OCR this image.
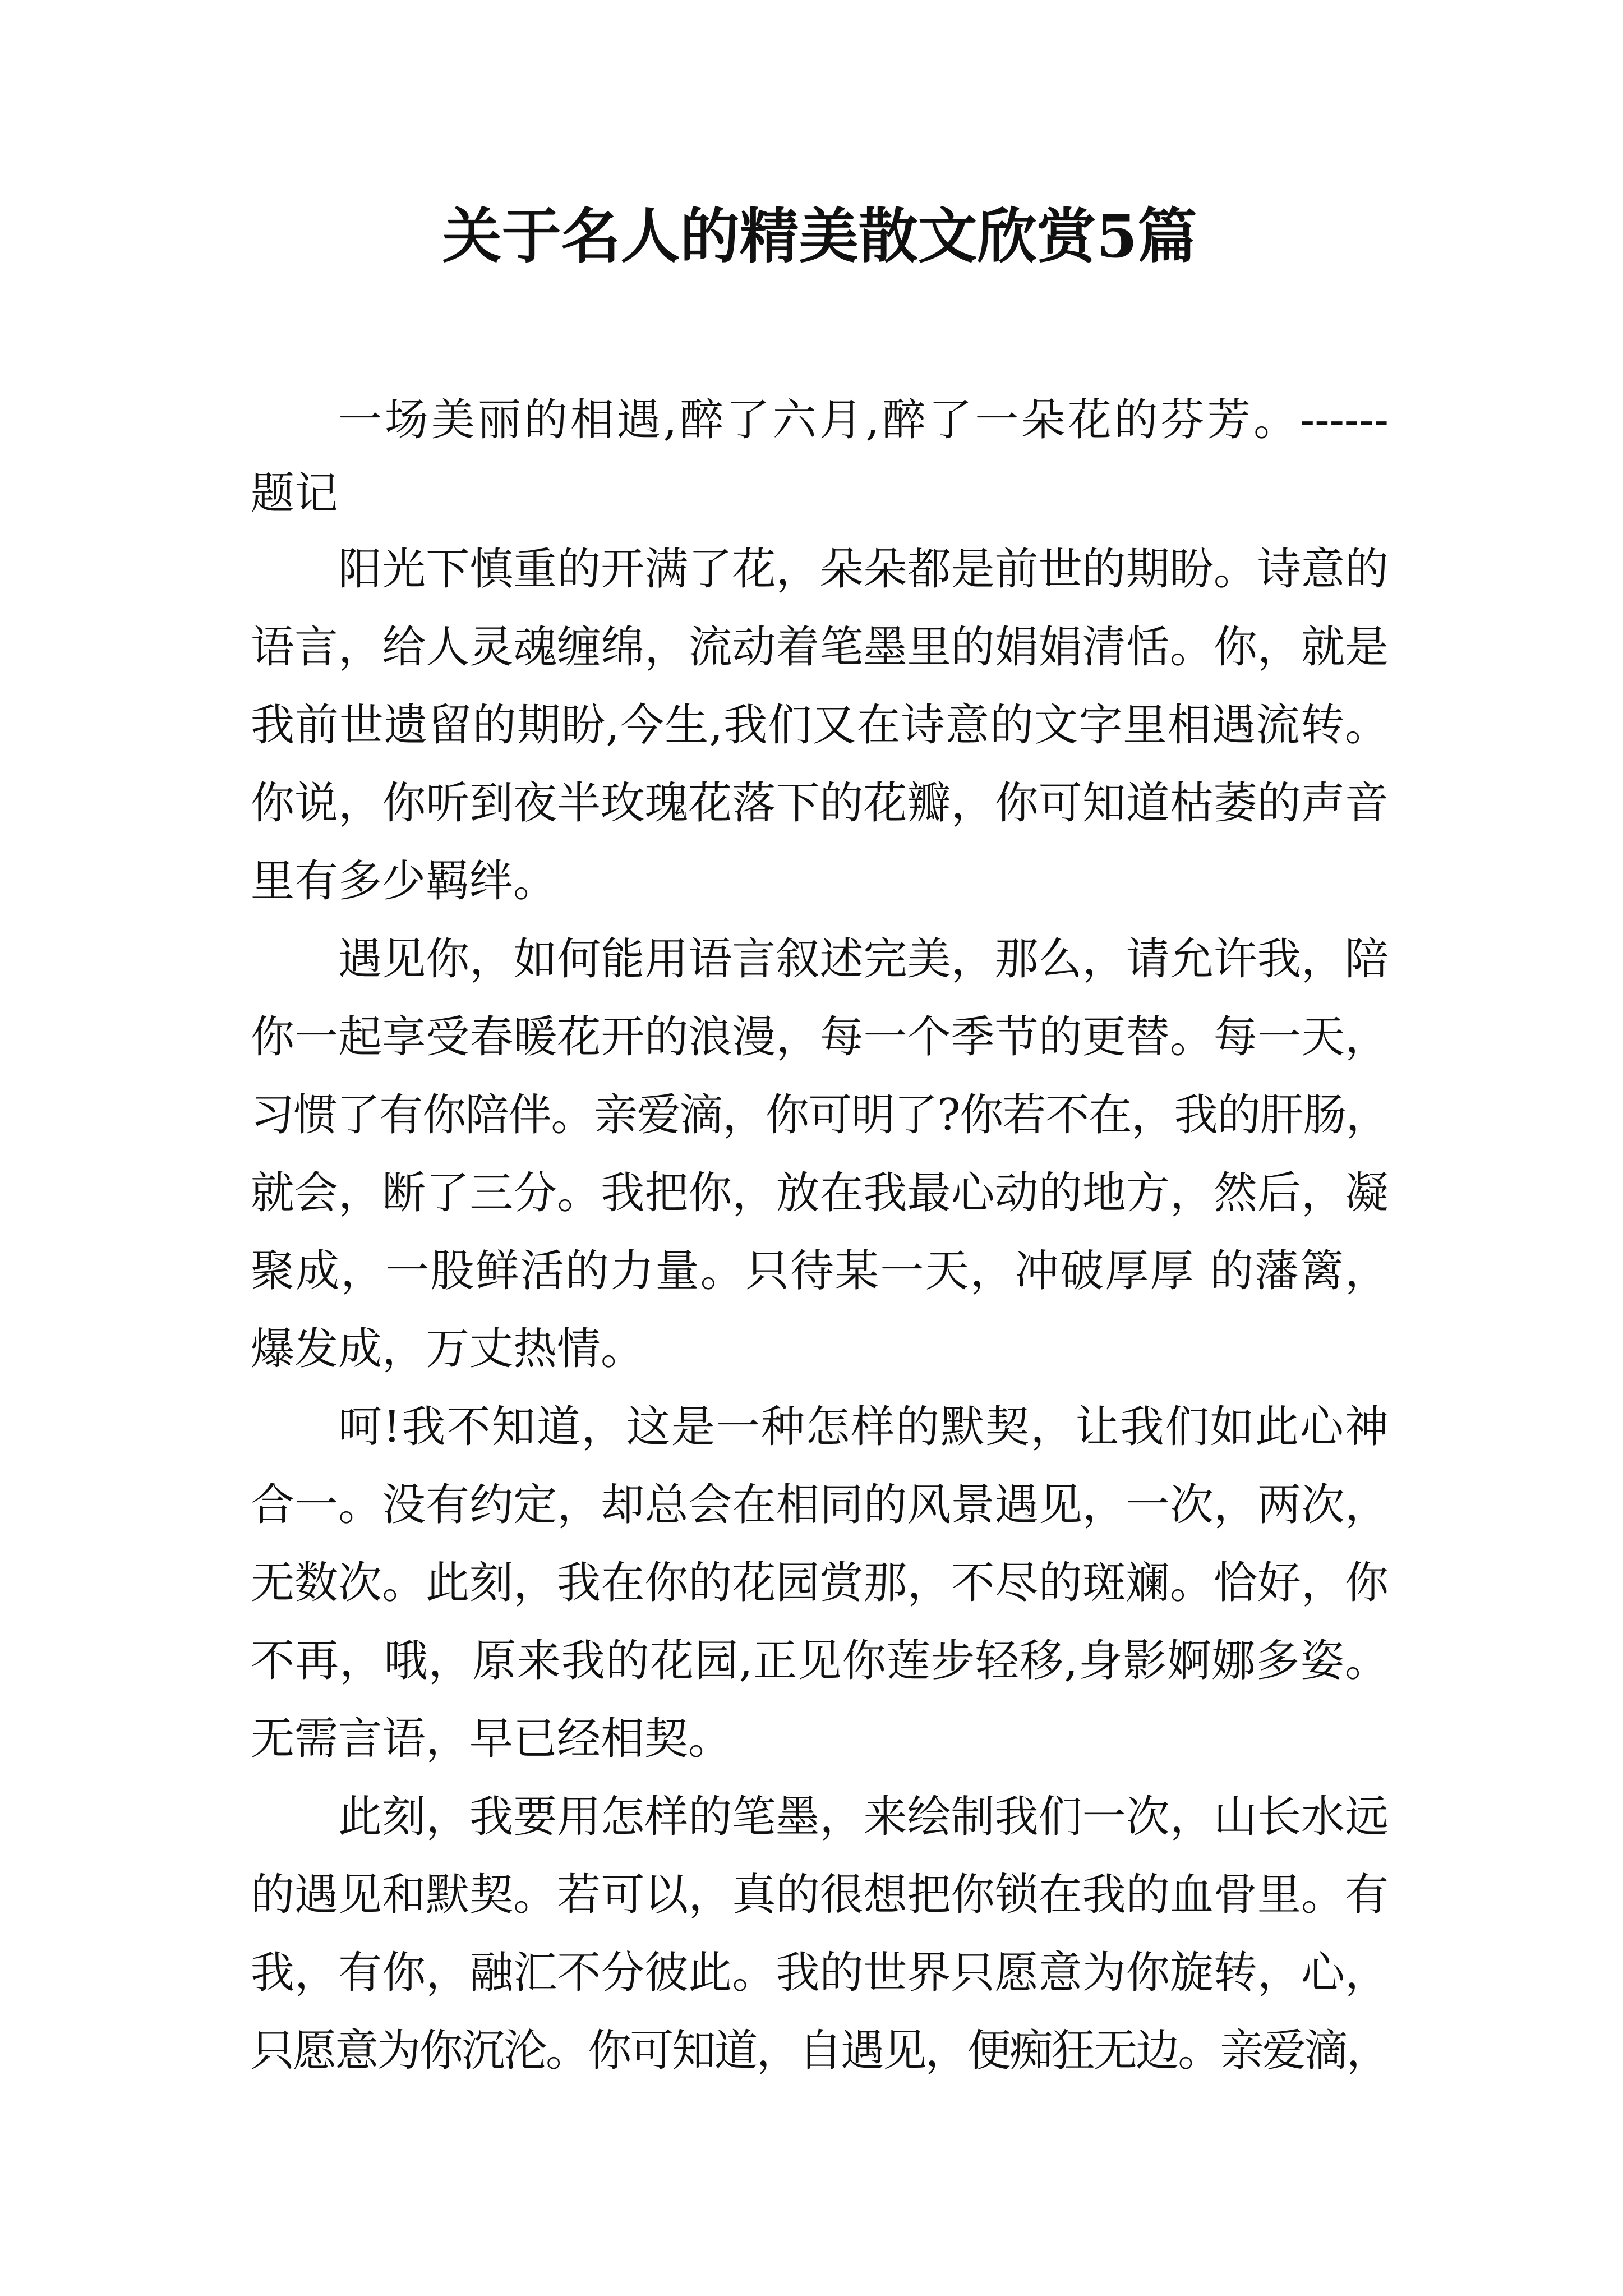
关于名人的精美散文欣赏5篇
一场美丽的相遇,醉了六月,醉了一朵花的芬芳。------
题记
阳光下慎重的开满了花，朵朵都是前世的期盼。诗意的
语言，给人灵魂缠绵，流动着笔墨里的娟娟清恬。你，就是
我前世遗留的期盼,今生,我们又在诗意的文字里相遇流转。
你说，你听到夜半玫瑰花落下的花瓣，你可知道枯萎的声音
里有多少羁绊。
遇见你，如何能用语言叙述完美，那么，请允许我，陪
你一起享受春暖花开的浪漫，每一个季节的更替。每一天，
习惯了有你陪伴。亲爱滴，你可明了?你若不在，我的肝肠，
就会，断了三分。我把你，放在我最心动的地方，然后，凝
聚成，一股鲜活的力量。只待某一天，冲破厚厚 的藩篱，
爆发成，万丈热情。
呵!我不知道，这是一种怎样的默契，让我们如此心神
合一。没有约定，却总会在相同的风景遇见，一次，两次，
无数次。此刻，我在你的花园赏那，不尽的斑斓。恰好，你
不再，哦，原来我的花园,正见你莲步轻移,身影婀娜多姿。
无需言语，早已经相契。
此刻，我要用怎样的笔墨，来绘制我们一次，山长水远
的遇见和默契。若可以，真的很想把你锁在我的血骨里。有
我，有你，融汇不分彼此。我的世界只愿意为你旋转，心，
只愿意为你沉沦。你可知道，自遇见，便痴狂无边。亲爱滴，
